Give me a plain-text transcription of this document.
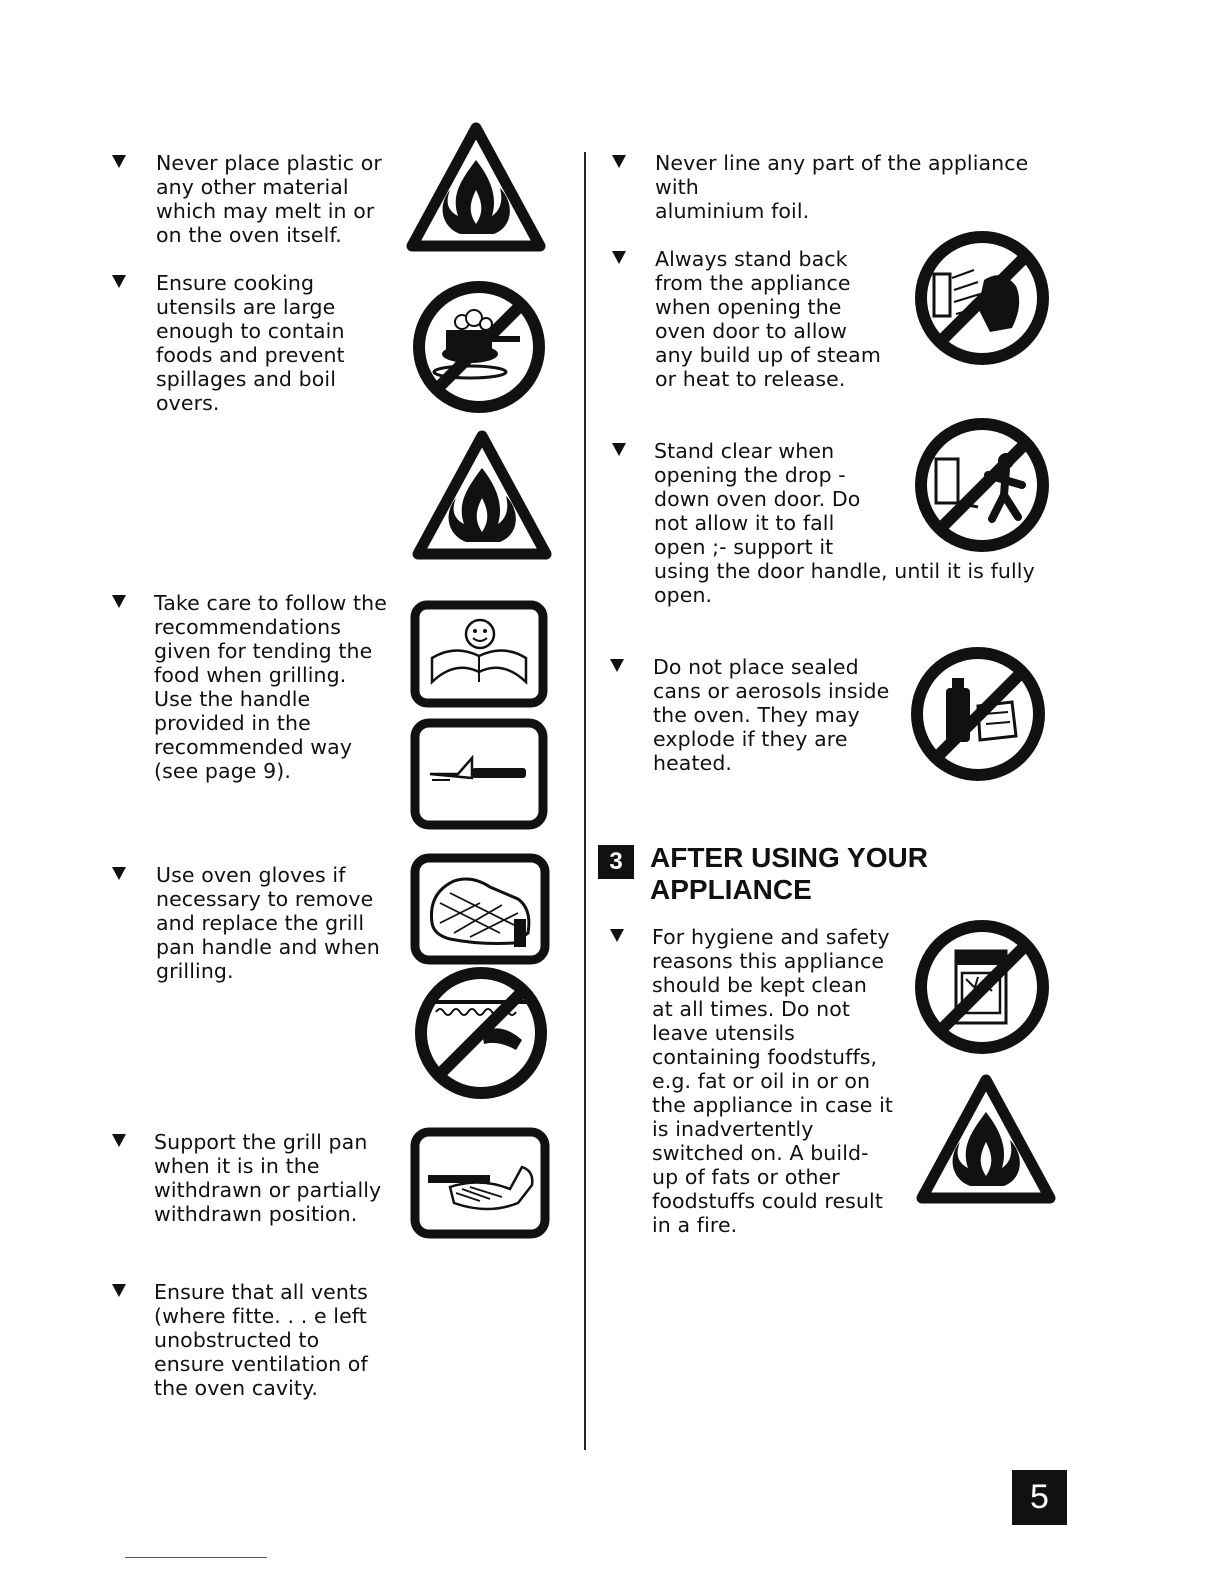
Never place plastic or
any other material
which may melt in or
on the oven itself.

Ensure cooking
utensils are large
enough to contain
foods and prevent
spillages and boil
overs.

Take care to follow the
recommendations
given for tending the
food when grilling.
Use the handle
provided in the
recommended way
(see page 9).

Use oven gloves if
necessary to remove
and replace the grill
pan handle and when
grilling.

Support the grill pan
when it is in the
withdrawn or partially
withdrawn position.

Ensure that all vents
(where fitte. . . e left
unobstructed to
ensure ventilation of
the oven cavity.

Never line any part of the appliance with
aluminium foil.

Always stand back
from the appliance
when opening the
oven door to allow
any build up of steam
or heat to release.

Stand clear when
opening the drop -
down oven door. Do
not allow it to fall
open ;- support it
using the door handle, until it is fully
open.

Do not place sealed
cans or aerosols inside
the oven. They may
explode if they are
heated.

3 AFTER USING YOUR
APPLIANCE

For hygiene and safety
reasons this appliance
should be kept clean
at all times. Do not
leave utensils
containing foodstuffs,
e.g. fat or oil in or on
the appliance in case it
is inadvertently
switched on. A build-
up of fats or other
foodstuffs could result
in a fire.

5
